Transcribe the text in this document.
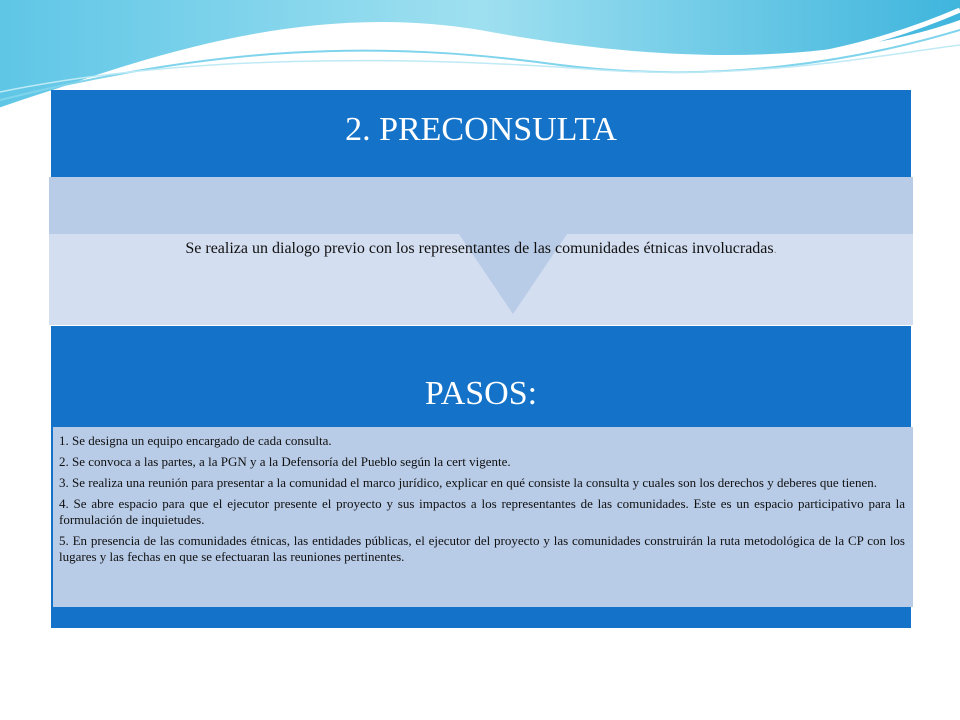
2. PRECONSULTA
Se realiza un dialogo previo con los representantes de las comunidades étnicas involucradas.
PASOS:

1. Se designa un equipo encargado de cada consulta.

2. Se convoca a las partes, a la PGN y a la Defensoría del Pueblo según la cert vigente.

3. Se realiza una reunión para presentar a la comunidad el marco jurídico, explicar en qué consiste la consulta y cuales son los derechos y deberes que tienen.

4. Se abre espacio para que el ejecutor presente el proyecto y sus impactos a los representantes de las comunidades. Este es un espacio participativo para la formulación de inquietudes.

5. En presencia de las comunidades étnicas, las entidades públicas, el ejecutor del proyecto y las comunidades construirán la ruta metodológica de la CP con los lugares y las fechas en que se efectuaran las reuniones pertinentes.
